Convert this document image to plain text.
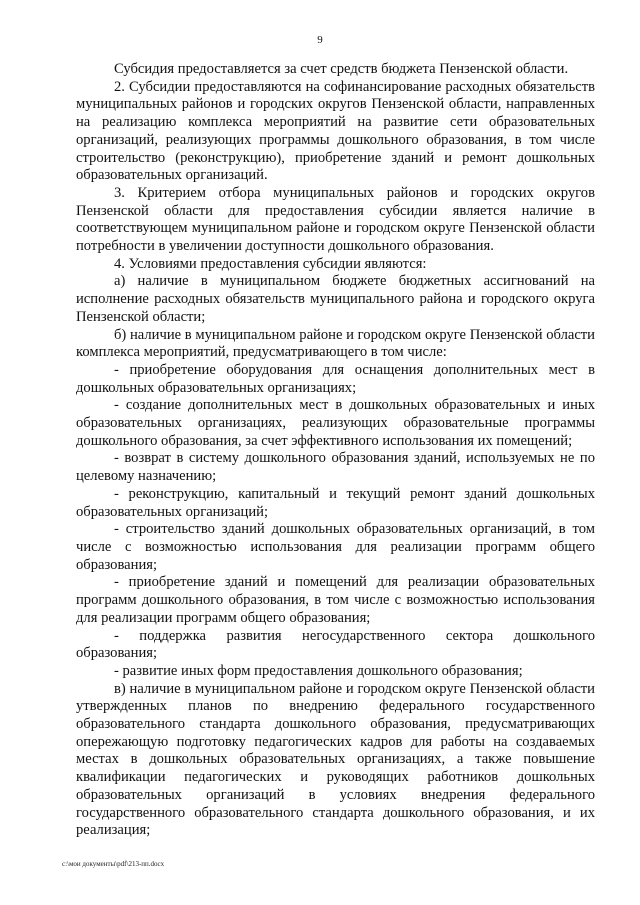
9

Субсидия предоставляется за счет средств бюджета Пензенской области.

2. Субсидии предоставляются на софинансирование расходных обязательств муниципальных районов и городских округов Пензенской области, направленных на реализацию комплекса мероприятий на развитие сети образовательных организаций, реализующих программы дошкольного образования, в том числе строительство (реконструкцию), приобретение зданий и ремонт дошкольных образовательных организаций.

3. Критерием отбора муниципальных районов и городских округов Пензенской области для предоставления субсидии является наличие в соответствующем муниципальном районе и городском округе Пензенской области потребности в увеличении доступности дошкольного образования.

4. Условиями предоставления субсидии являются:

а) наличие в муниципальном бюджете бюджетных ассигнований на исполнение расходных обязательств муниципального района и городского округа Пензенской области;

б) наличие в муниципальном районе и городском округе Пензенской области комплекса мероприятий, предусматривающего в том числе:

- приобретение оборудования для оснащения дополнительных мест в дошкольных образовательных организациях;

- создание дополнительных мест в дошкольных образовательных и иных образовательных организациях, реализующих образовательные программы дошкольного образования, за счет эффективного использования их помещений;

- возврат в систему дошкольного образования зданий, используемых не по целевому назначению;

- реконструкцию, капитальный и текущий ремонт зданий дошкольных образовательных организаций;

- строительство зданий дошкольных образовательных организаций, в том числе с возможностью использования для реализации программ общего образования;

- приобретение зданий и помещений для реализации образовательных программ дошкольного образования, в том числе с возможностью использования для реализации программ общего образования;

- поддержка развития негосударственного сектора дошкольного образования;

- развитие иных форм предоставления дошкольного образования;

в) наличие в муниципальном районе и городском округе Пензенской области утвержденных планов по внедрению федерального государственного образовательного стандарта дошкольного образования, предусматривающих опережающую подготовку педагогических кадров для работы на создаваемых местах в дошкольных образовательных организациях, а также повышение квалификации педагогических и руководящих работников дошкольных образовательных организаций в условиях внедрения федерального государственного образовательного стандарта дошкольного образования, и их реализация;

c:\мои документы\pdf\213-пп.docx
